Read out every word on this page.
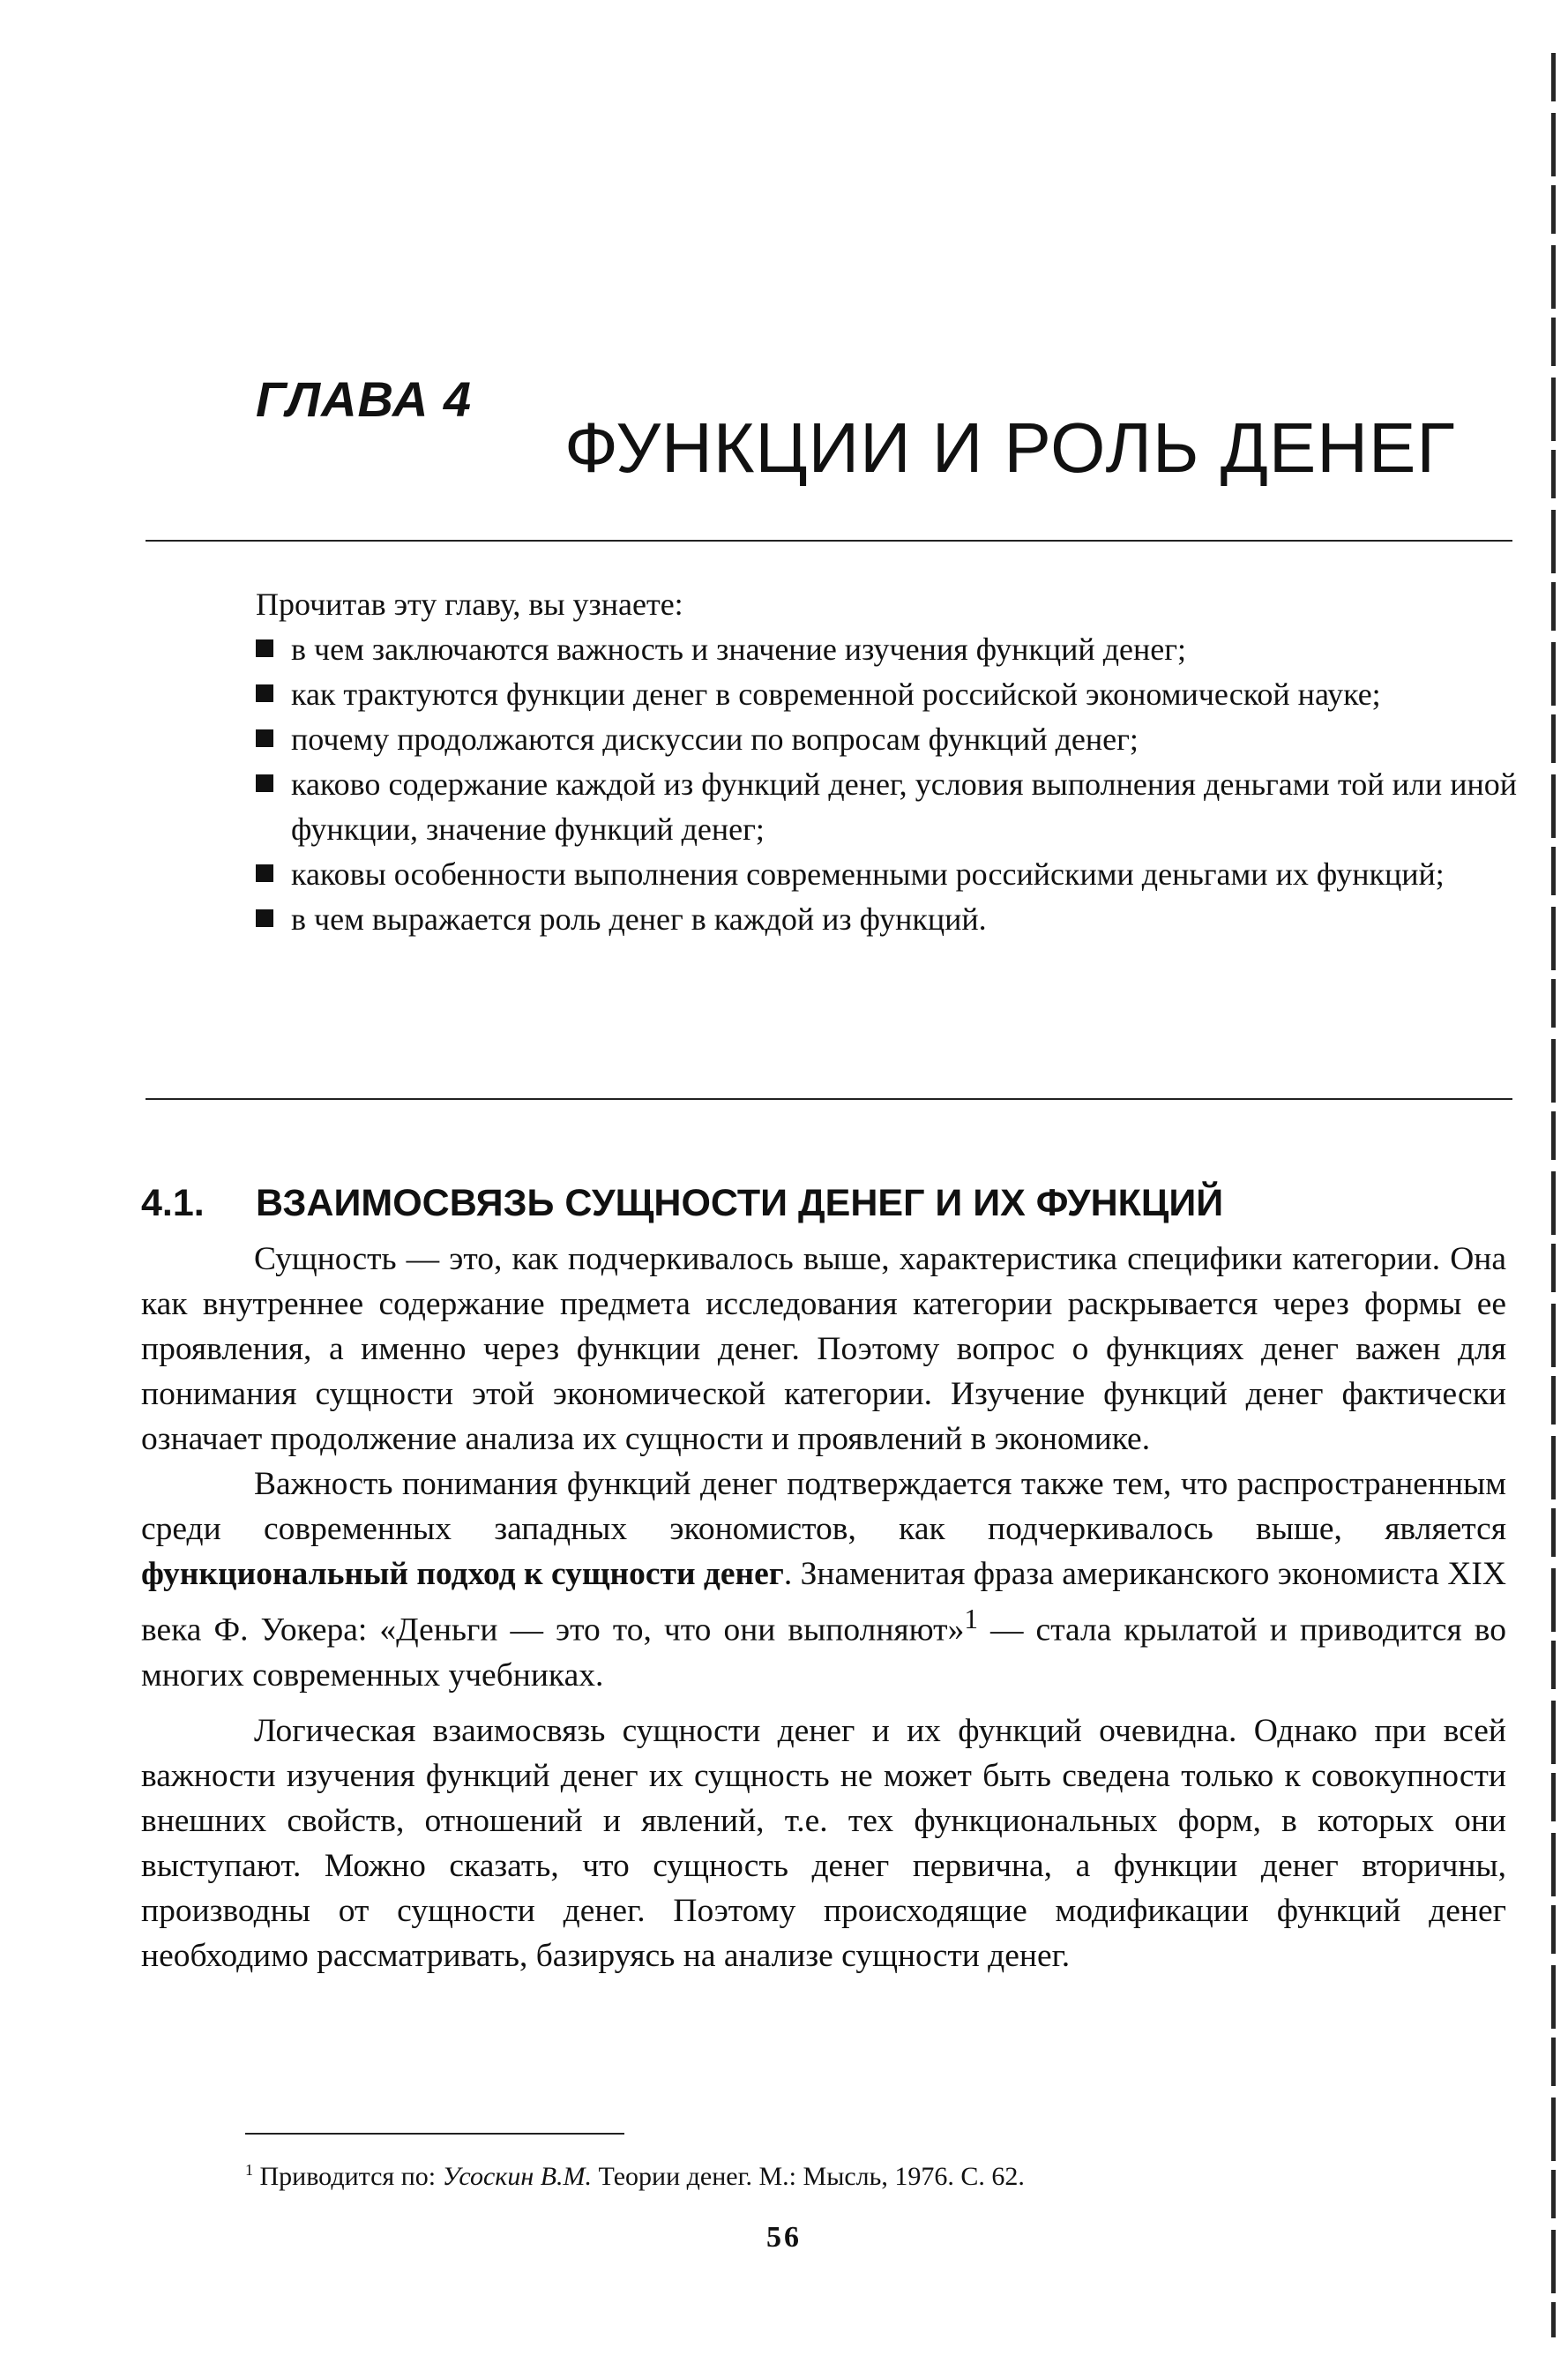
ГЛАВА 4
ФУНКЦИИ И РОЛЬ ДЕНЕГ

Прочитав эту главу, вы узнаете:

в чем заключаются важность и значение изучения функций денег;
как трактуются функции денег в современной российской экономической науке;
почему продолжаются дискуссии по вопросам функций денег;
каково содержание каждой из функций денег, условия выполнения деньгами той или иной функции, значение функций денег;
каковы особенности выполнения современными российскими деньгами их функций;
в чем выражается роль денег в каждой из функций.
4.1. ВЗАИМОСВЯЗЬ СУЩНОСТИ ДЕНЕГ И ИХ ФУНКЦИЙ

Сущность — это, как подчеркивалось выше, характеристика специфики категории. Она как внутреннее содержание предмета исследования категории раскрывается через формы ее проявления, а именно через функции денег. Поэтому вопрос о функциях денег важен для понимания сущности этой экономической категории. Изучение функций денег фактически означает продолжение анализа их сущности и проявлений в экономике.

Важность понимания функций денег подтверждается также тем, что распространенным среди современных западных экономистов, как подчеркивалось выше, является функциональный подход к сущности денег. Знаменитая фраза американского экономиста XIX века Ф. Уокера: «Деньги — это то, что они выполняют»$^1$ — стала крылатой и приводится во многих современных учебниках.

Логическая взаимосвязь сущности денег и их функций очевидна. Однако при всей важности изучения функций денег их сущность не может быть сведена только к совокупности внешних свойств, отношений и явлений, т.е. тех функциональных форм, в которых они выступают. Можно сказать, что сущность денег первична, а функции денег вторичны, производны от сущности денег. Поэтому происходящие модификации функций денег необходимо рассматривать, базируясь на анализе сущности денег.

$^1$ Приводится по: Усоскин В.М. Теории денег. М.: Мысль, 1976. С. 62.
56
